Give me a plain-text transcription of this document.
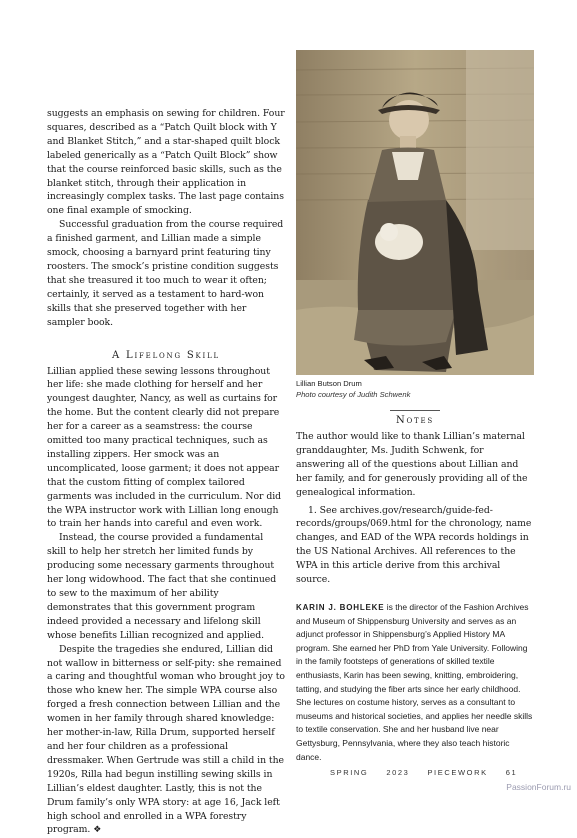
suggests an emphasis on sewing for children. Four squares, described as a “Patch Quilt block with Y and Blanket Stitch,” and a star-shaped quilt block labeled generically as a “Patch Quilt Block” show that the course reinforced basic skills, such as the blanket stitch, through their application in increasingly complex tasks. The last page contains one final example of smocking.

Successful graduation from the course required a finished garment, and Lillian made a simple smock, choosing a barnyard print featuring tiny roosters. The smock’s pristine condition suggests that she treasured it too much to wear it often; certainly, it served as a testament to hard-won skills that she preserved together with her sampler book.

A Lifelong Skill

Lillian applied these sewing lessons throughout her life: she made clothing for herself and her youngest daughter, Nancy, as well as curtains for the home. But the content clearly did not prepare her for a career as a seamstress: the course omitted too many practical techniques, such as installing zippers. Her smock was an uncomplicated, loose garment; it does not appear that the custom fitting of complex tailored garments was included in the curriculum. Nor did the WPA instructor work with Lillian long enough to train her hands into careful and even work.

Instead, the course provided a fundamental skill to help her stretch her limited funds by producing some necessary garments throughout her long widowhood. The fact that she continued to sew to the maximum of her ability demonstrates that this government program indeed provided a necessary and lifelong skill whose benefits Lillian recognized and applied.

Despite the tragedies she endured, Lillian did not wallow in bitterness or self-pity: she remained a caring and thoughtful woman who brought joy to those who knew her. The simple WPA course also forged a fresh connection between Lillian and the women in her family through shared knowledge: her mother-in-law, Rilla Drum, supported herself and her four children as a professional dressmaker. When Gertrude was still a child in the 1920s, Rilla had begun instilling sewing skills in Lillian’s eldest daughter. Lastly, this is not the Drum family’s only WPA story: at age 16, Jack left high school and enrolled in a WPA forestry program. ❖

Lillian Butson Drum
Photo courtesy of Judith Schwenk

Notes

The author would like to thank Lillian’s maternal granddaughter, Ms. Judith Schwenk, for answering all of the questions about Lillian and her family, and for generously providing all of the genealogical information.

1. See archives.gov/research/guide-fed-records/groups/069.html for the chronology, name changes, and EAD of the WPA records holdings in the US National Archives. All references to the WPA in this article derive from this archival source.

KARIN J. BOHLEKE is the director of the Fashion Archives and Museum of Shippensburg University and serves as an adjunct professor in Shippensburg’s Applied History MA program. She earned her PhD from Yale University. Following in the family footsteps of generations of skilled textile enthusiasts, Karin has been sewing, knitting, embroidering, tatting, and studying the fiber arts since her early childhood. She lectures on costume history, serves as a consultant to museums and historical societies, and applies her needle skills to textile conservation. She and her husband live near Gettysburg, Pennsylvania, where they also teach historic dance.

SPRING 2023 PIECEWORK 61
PassionForum.ru
